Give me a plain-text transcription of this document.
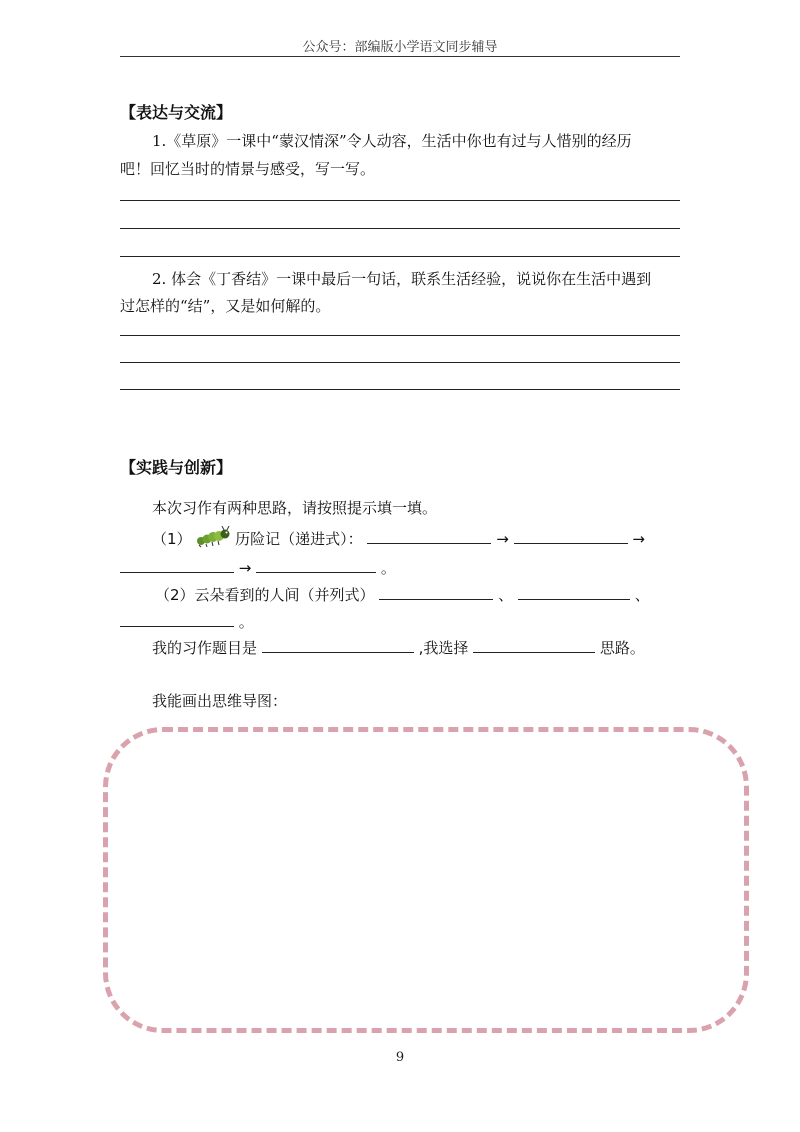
公众号：部编版小学语文同步辅导
【表达与交流】
1.《草原》一课中“蒙汉情深”令人动容，生活中你也有过与人惜别的经历
吧！回忆当时的情景与感受，写一写。
2. 体会《丁香结》一课中最后一句话，联系生活经验，说说你在生活中遇到
过怎样的“结”，又是如何解的。
【实践与创新】
本次习作有两种思路，请按照提示填一填。
（1）	历险记（递进式）：	→	→
→	。
（2）云朵看到的人间（并列式）	、	、
。
我的习作题目是	,我选择	思路。
我能画出思维导图：
9
